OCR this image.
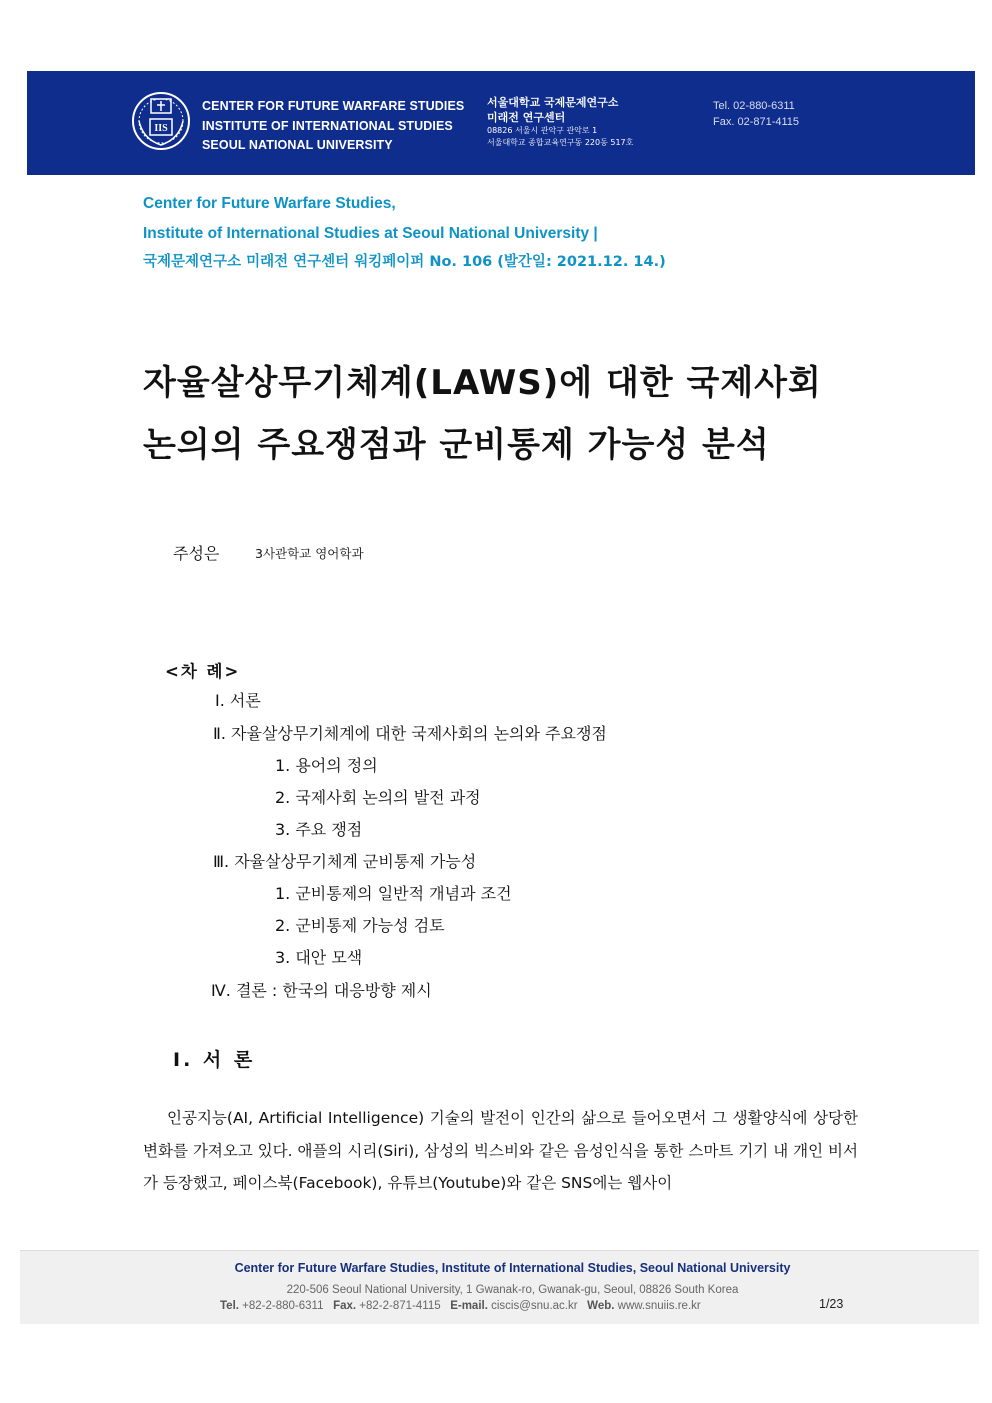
IIS
CENTER FOR FUTURE WARFARE STUDIES
INSTITUTE OF INTERNATIONAL STUDIES
SEOUL NATIONAL UNIVERSITY
서울대학교 국제문제연구소
미래전 연구센터
08826 서울시 관악구 관악로 1
서울대학교 종합교육연구동 220동 517호
Tel. 02-880-6311
Fax. 02-871-4115
Center for Future Warfare Studies,
Institute of International Studies at Seoul National University |
국제문제연구소 미래전 연구센터 워킹페이퍼 No. 106 (발간일: 2021.12. 14.)
자율살상무기체계(LAWS)에 대한 국제사회
논의의 주요쟁점과 군비통제 가능성 분석
주성은	3사관학교 영어학과
<차 례>
Ⅰ. 서론
Ⅱ. 자율살상무기체계에 대한 국제사회의 논의와 주요쟁점
1. 용어의 정의
2. 국제사회 논의의 발전 과정
3. 주요 쟁점
Ⅲ. 자율살상무기체계 군비통제 가능성
1. 군비통제의 일반적 개념과 조건
2. 군비통제 가능성 검토
3. 대안 모색
Ⅳ. 결론 : 한국의 대응방향 제시
Ⅰ. 서 론
인공지능(AI, Artificial Intelligence) 기술의 발전이 인간의 삶으로 들어오면서 그 생활양식에 상당한 변화를 가져오고 있다. 애플의 시리(Siri), 삼성의 빅스비와 같은 음성인식을 통한 스마트 기기 내 개인 비서가 등장했고, 페이스북(Facebook), 유튜브(Youtube)와 같은 SNS에는 웹사이
Center for Future Warfare Studies, Institute of International Studies, Seoul National University
220-506 Seoul National University, 1 Gwanak-ro, Gwanak-gu, Seoul, 08826 South Korea
Tel. +82-2-880-6311 Fax. +82-2-871-4115 E-mail. ciscis@snu.ac.kr Web. www.snuiis.re.kr	1/23
